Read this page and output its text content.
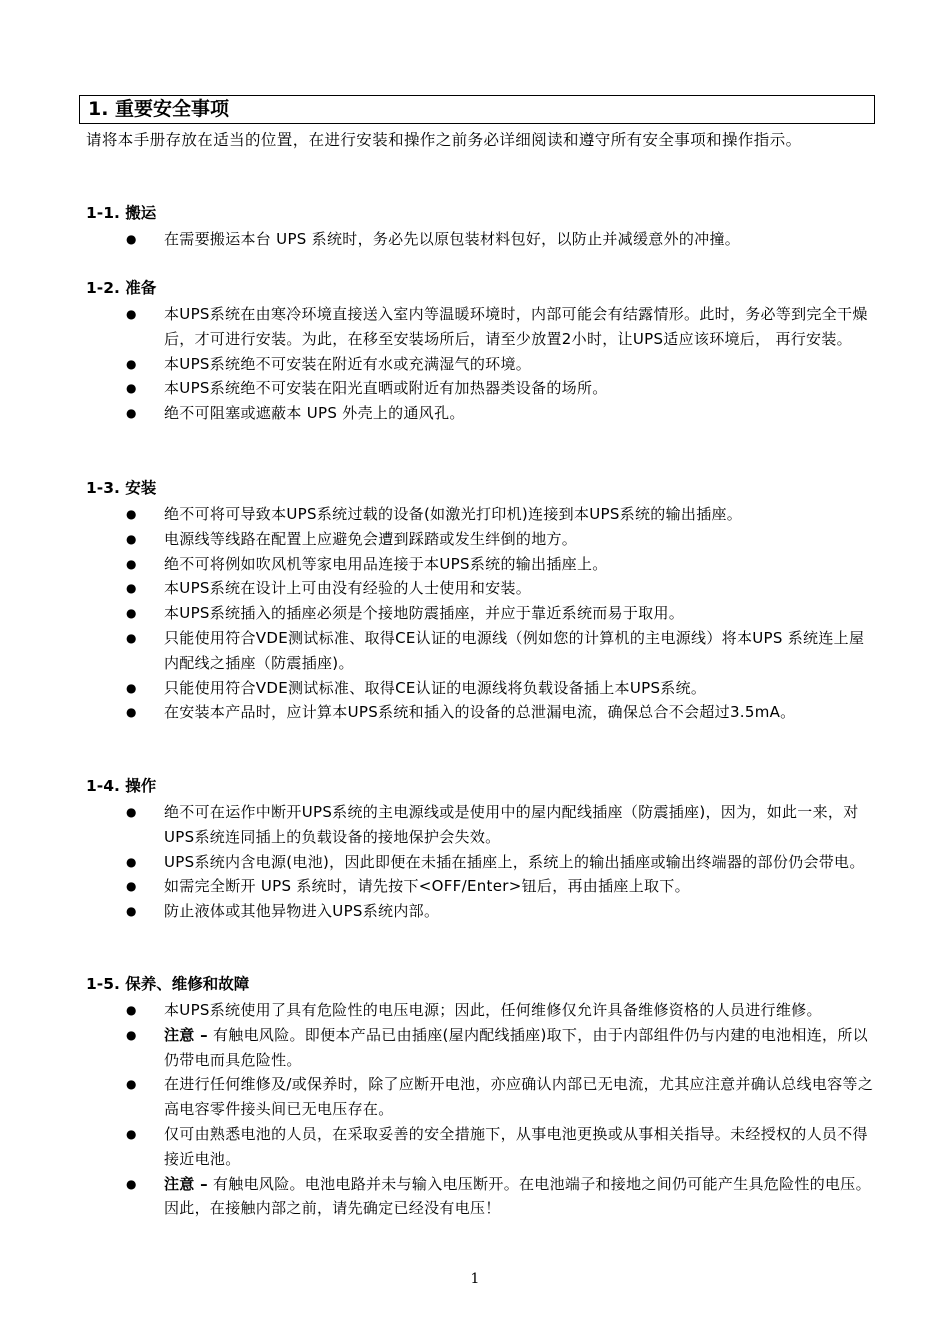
1. 重要安全事项
请将本手册存放在适当的位置，在进行安装和操作之前务必详细阅读和遵守所有安全事项和操作指示。
1-1. 搬运
● 在需要搬运本台 UPS 系统时，务必先以原包装材料包好，以防止并减缓意外的冲撞。
1-2. 准备
● 本UPS系统在由寒冷环境直接送入室内等温暖环境时，内部可能会有结露情形。此时，务必等到完全干燥后，才可进行安装。为此，在移至安装场所后，请至少放置2小时，让UPS适应该环境后， 再行安装。
● 本UPS系统绝不可安装在附近有水或充满湿气的环境。
● 本UPS系统绝不可安装在阳光直晒或附近有加热器类设备的场所。
● 绝不可阻塞或遮蔽本 UPS 外壳上的通风孔。
1-3. 安装
● 绝不可将可导致本UPS系统过载的设备(如激光打印机)连接到本UPS系统的输出插座。
● 电源线等线路在配置上应避免会遭到踩踏或发生绊倒的地方。
● 绝不可将例如吹风机等家电用品连接于本UPS系统的输出插座上。
● 本UPS系统在设计上可由没有经验的人士使用和安装。
● 本UPS系统插入的插座必须是个接地防震插座，并应于靠近系统而易于取用。
● 只能使用符合VDE测试标准、取得CE认证的电源线（例如您的计算机的主电源线）将本UPS 系统连上屋内配线之插座（防震插座)。
● 只能使用符合VDE测试标准、取得CE认证的电源线将负载设备插上本UPS系统。
● 在安装本产品时，应计算本UPS系统和插入的设备的总泄漏电流，确保总合不会超过3.5mA。
1-4. 操作
● 绝不可在运作中断开UPS系统的主电源线或是使用中的屋内配线插座（防震插座)，因为，如此一来，对UPS系统连同插上的负载设备的接地保护会失效。
● UPS系统内含电源(电池)，因此即便在未插在插座上，系统上的输出插座或输出终端器的部份仍会带电。
● 如需完全断开 UPS 系统时，请先按下<OFF/Enter>钮后，再由插座上取下。
● 防止液体或其他异物进入UPS系统内部。
1-5. 保养、维修和故障
● 本UPS系统使用了具有危险性的电压电源；因此，任何维修仅允许具备维修资格的人员进行维修。
● 注意 – 有触电风险。即便本产品已由插座(屋内配线插座)取下，由于内部组件仍与内建的电池相连，所以仍带电而具危险性。
● 在进行任何维修及/或保养时，除了应断开电池，亦应确认内部已无电流，尤其应注意并确认总线电容等之高电容零件接头间已无电压存在。
● 仅可由熟悉电池的人员，在采取妥善的安全措施下，从事电池更换或从事相关指导。未经授权的人员不得接近电池。
● 注意 – 有触电风险。电池电路并未与输入电压断开。在电池端子和接地之间仍可能产生具危险性的电压。因此，在接触内部之前，请先确定已经没有电压！
1
